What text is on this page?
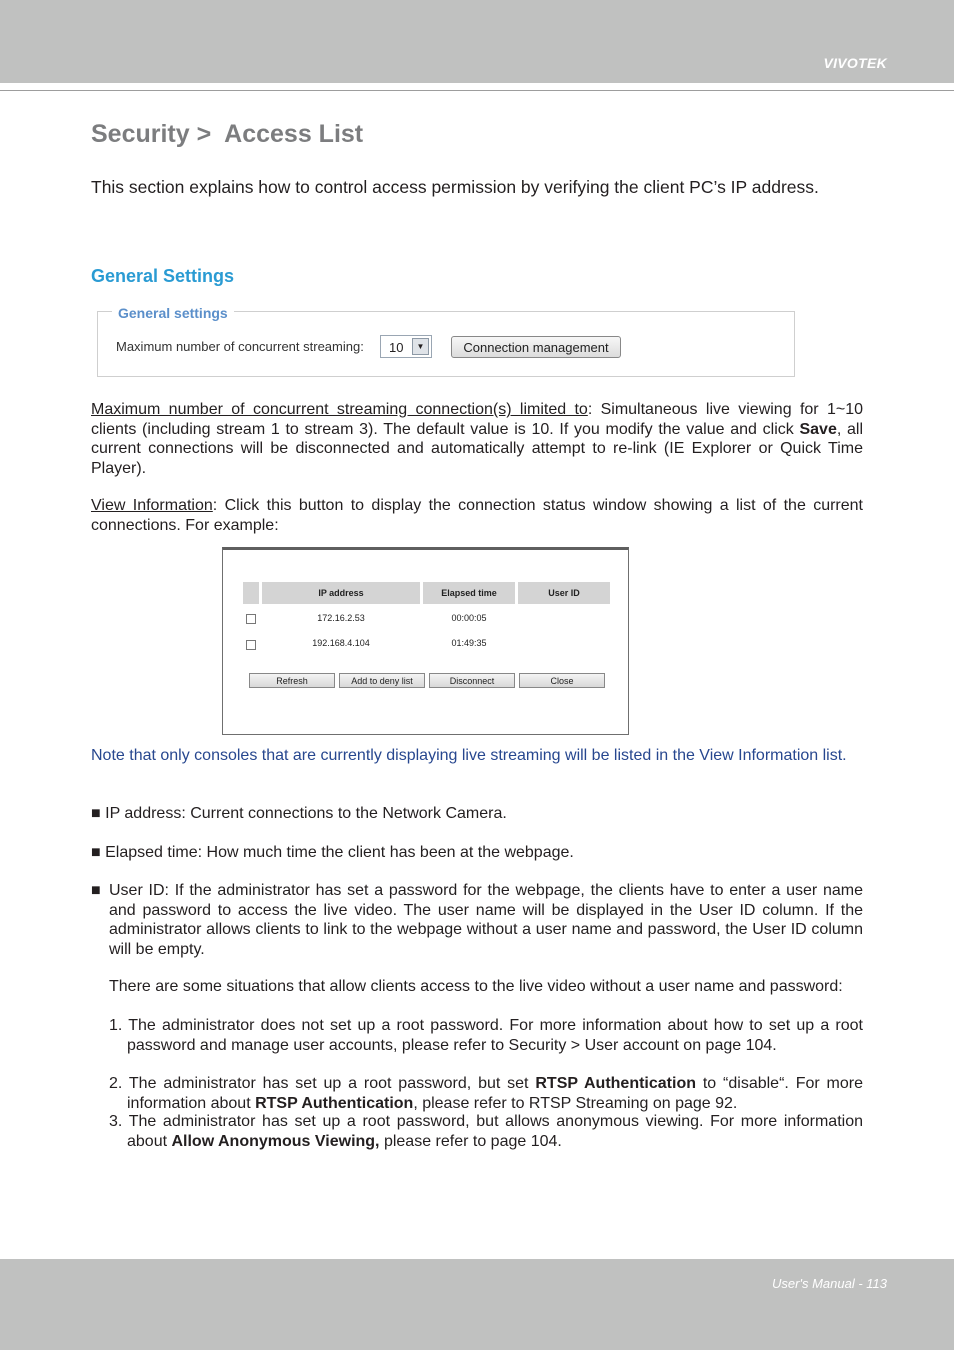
VIVOTEK
Security >  Access List
This section explains how to control access permission by verifying the client PC’s IP address.
General Settings
General settings
Maximum number of concurrent streaming:	10	▼	Connection management
Maximum number of concurrent streaming connection(s) limited to: Simultaneous live viewing for 1~10 clients (including stream 1 to stream 3). The default value is 10. If you modify the value and click Save, all current connections will be disconnected and automatically attempt to re-link (IE Explorer or Quick Time Player).
View Information: Click this button to display the connection status window showing a list of the current connections. For example:
IP address	Elapsed time	User ID
172.16.2.53	00:00:05
192.168.4.104	01:49:35
Refresh	Add to deny list	Disconnect	Close
Note that only consoles that are currently displaying live streaming will be listed in the View Information list.
■ IP address: Current connections to the Network Camera.
■ Elapsed time: How much time the client has been at the webpage.
■ User ID: If the administrator has set a password for the webpage, the clients have to enter a user name and password to access the live video. The user name will be displayed in the User ID column. If the administrator allows clients to link to the webpage without a user name and password, the User ID column will be empty.
There are some situations that allow clients access to the live video without a user name and password:
1. The administrator does not set up a root password. For more information about how to set up a root password and manage user accounts, please refer to Security > User account on page 104.
2. The administrator has set up a root password, but set RTSP Authentication to “disable“. For more information about RTSP Authentication, please refer to RTSP Streaming on page 92.
3. The administrator has set up a root password, but allows anonymous viewing. For more information about Allow Anonymous Viewing, please refer to page 104.
User's Manual - 113
